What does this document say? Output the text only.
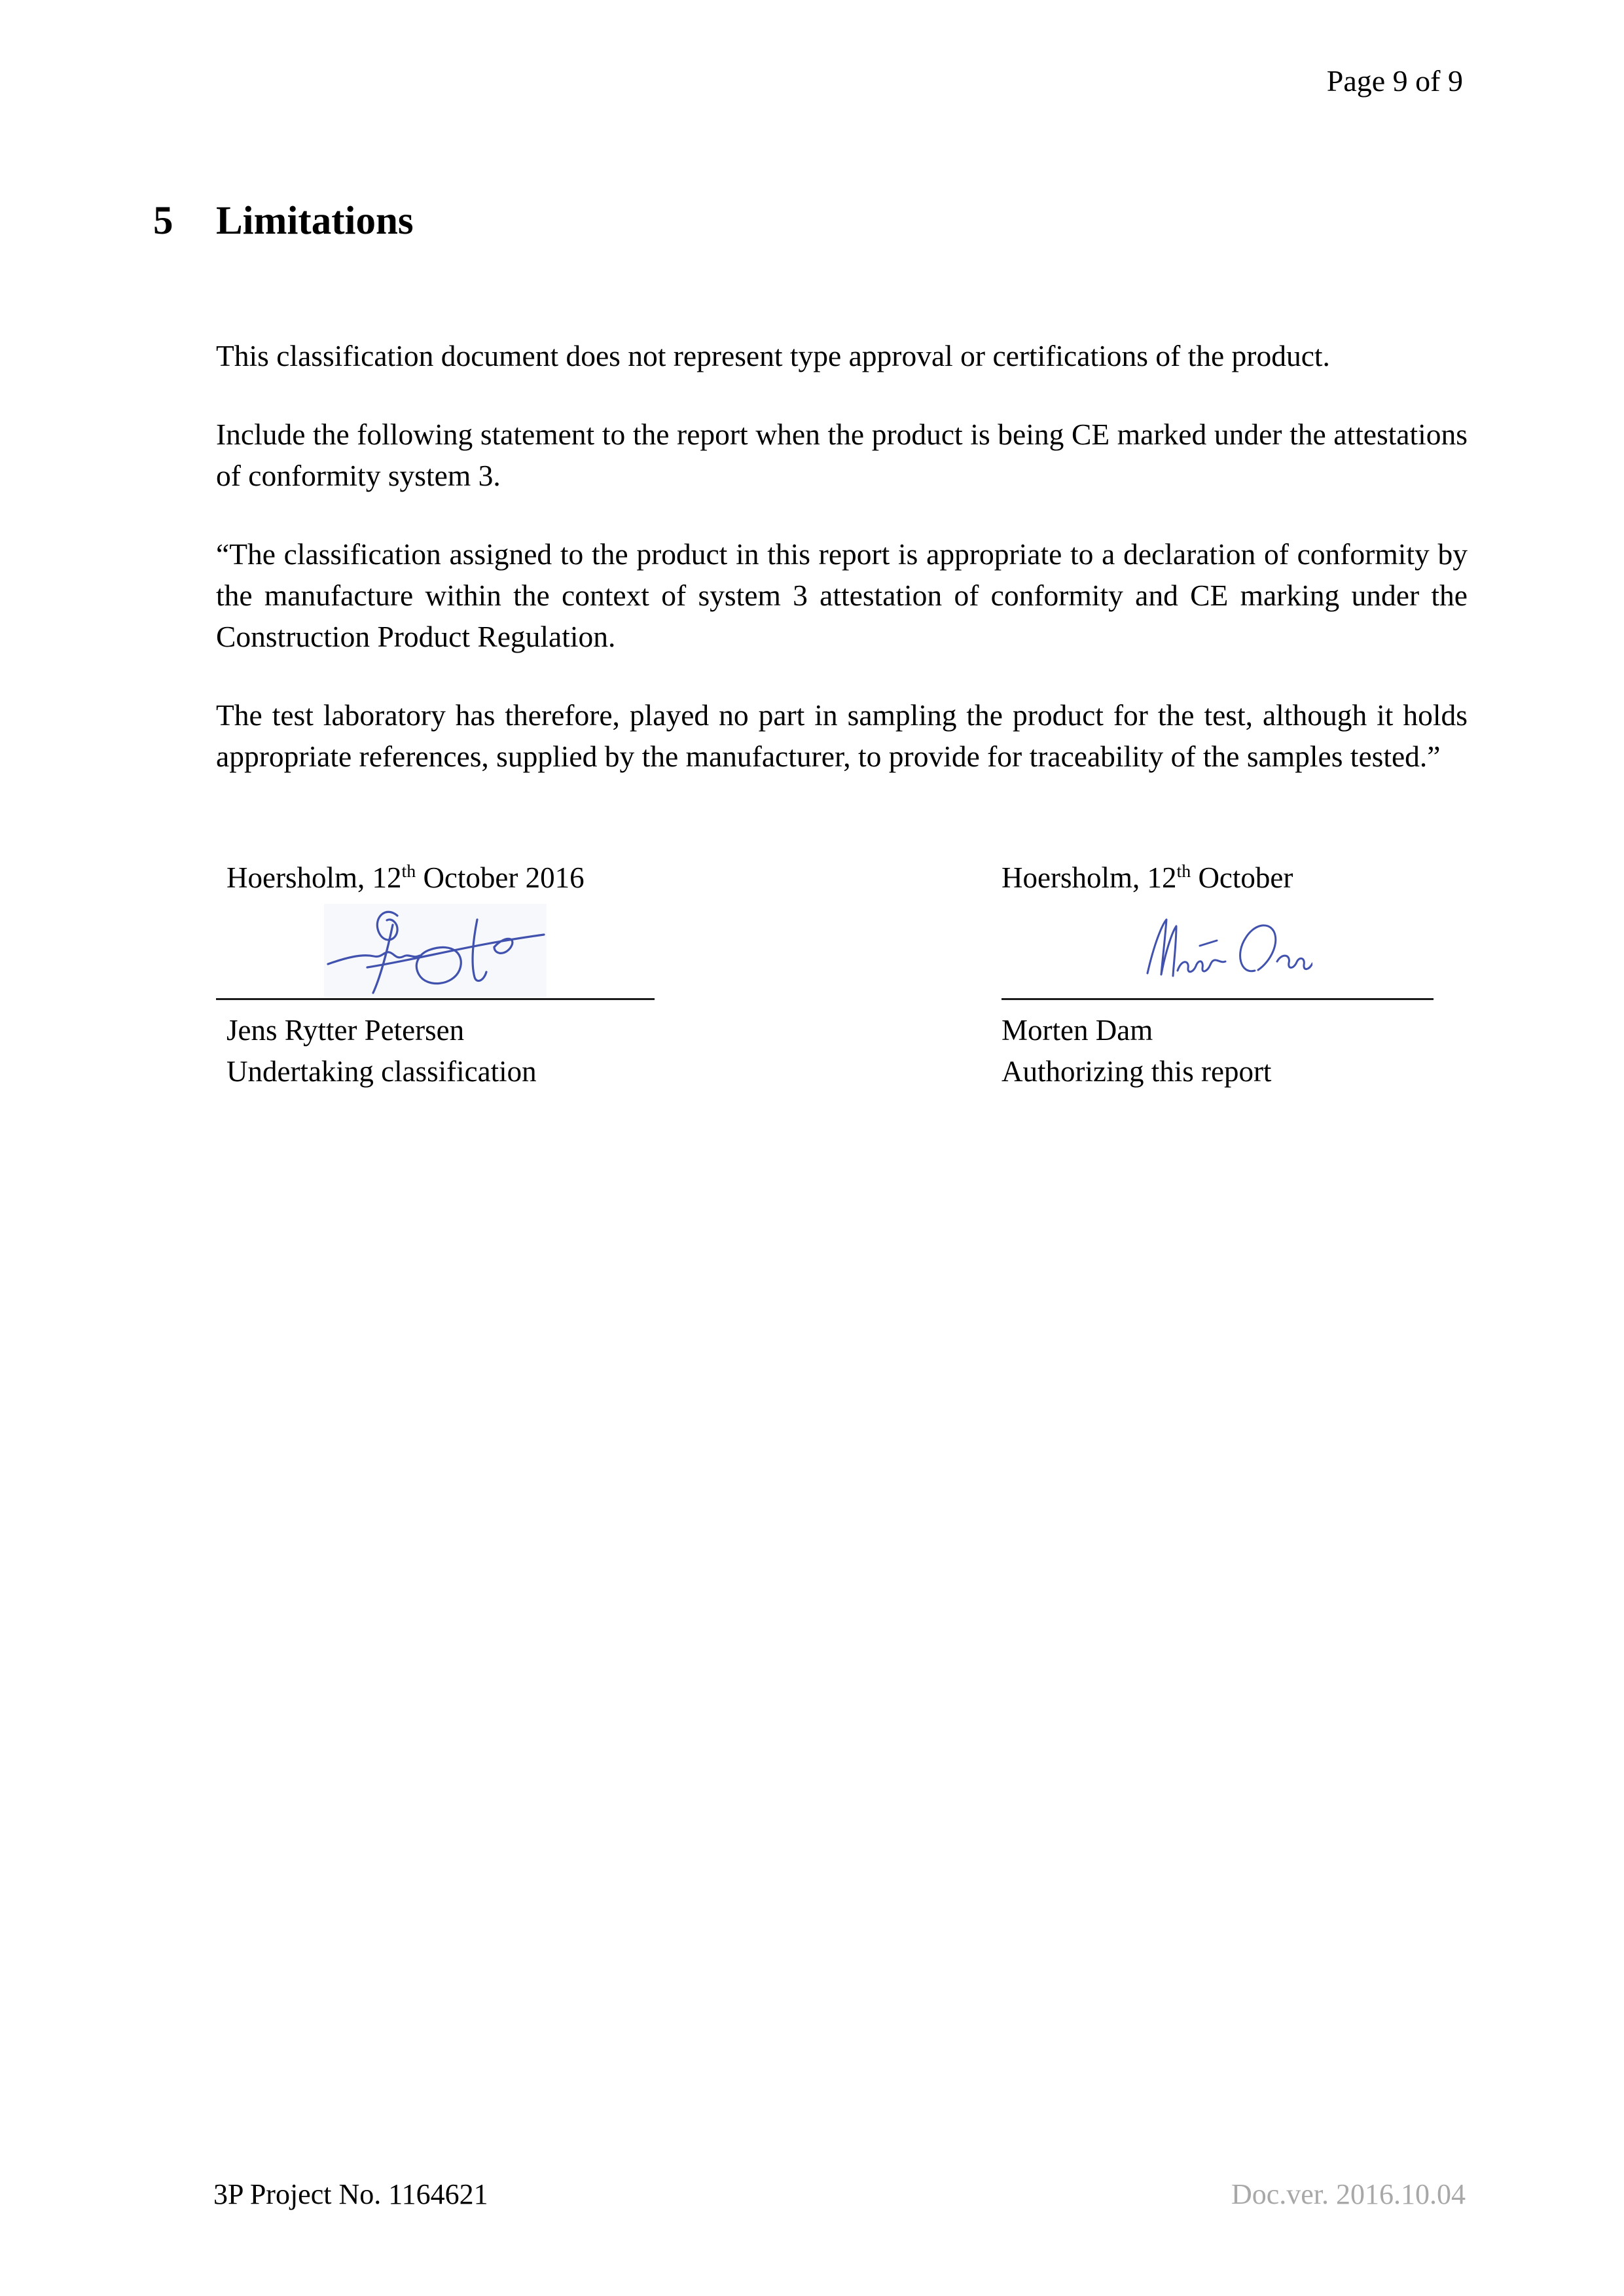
Page 9 of 9
5 Limitations

This classification document does not represent type approval or certifications of the product.

Include the following statement to the report when the product is being CE marked under the attestations of conformity system 3.

“The classification assigned to the product in this report is appropriate to a declaration of conformity by the manufacture within the context of system 3 attestation of conformity and CE marking under the Construction Product Regulation.

The test laboratory has therefore, played no part in sampling the product for the test, although it holds appropriate references, supplied by the manufacturer, to provide for traceability of the samples tested.”

Hoersholm, 12th October 2016
Jens Rytter Petersen
Undertaking classification
Hoersholm, 12th October
Morten Dam
Authorizing this report
3P Project No. 1164621	Doc.ver. 2016.10.04
